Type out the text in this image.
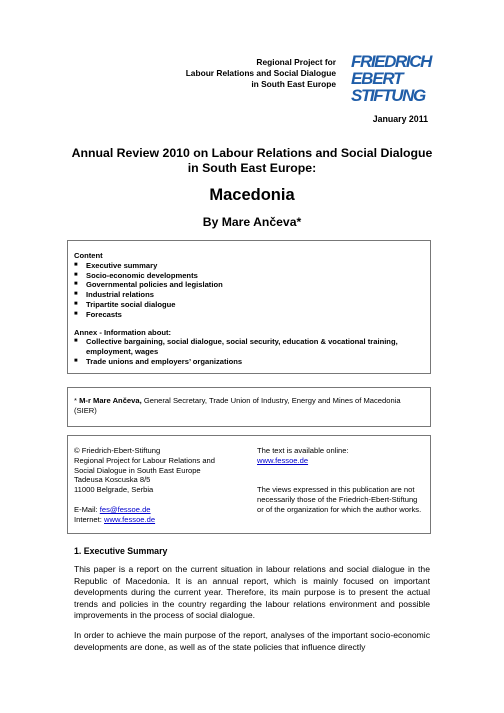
Regional Project for
Labour Relations and Social Dialogue
in South East Europe
FRIEDRICH
EBERT
STIFTUNG
January 2011
Annual Review 2010 on Labour Relations and Social Dialogue
in South East Europe:
Macedonia
By Mare Ančeva*
Content
■	Executive summary
■	Socio-economic developments
■	Governmental policies and legislation
■	Industrial relations
■	Tripartite social dialogue
■	Forecasts
Annex - Information about:
■	Collective bargaining, social dialogue, social security, education & vocational training, employment, wages
■	Trade unions and employers’ organizations
* M-r Mare Ančeva, General Secretary, Trade Union of Industry, Energy and Mines of Macedonia (SIER)
© Friedrich-Ebert-Stiftung
Regional Project for Labour Relations and
Social Dialogue in South East Europe
Tadeusa Koscuska 8/5
11000 Belgrade, Serbia
E-Mail: fes@fessoe.de
Internet: www.fessoe.de
The text is available online:
www.fessoe.de
The views expressed in this publication are not necessarily those of the Friedrich-Ebert-Stiftung or of the organization for which the author works.
1. Executive Summary
This paper is a report on the current situation in labour relations and social dialogue in the Republic of Macedonia. It is an annual report, which is mainly focused on important developments during the current year. Therefore, its main purpose is to present the actual trends and policies in the country regarding the labour relations environment and possible improvements in the process of social dialogue.
In order to achieve the main purpose of the report, analyses of the important socio-economic developments are done, as well as of the state policies that influence directly
